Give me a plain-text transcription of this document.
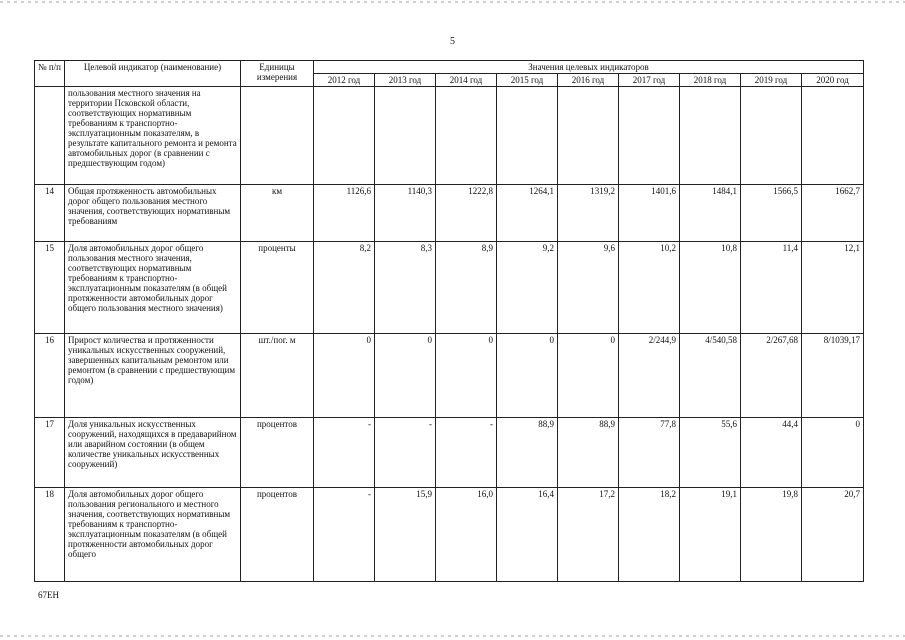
5
№ п/п	Целевой индикатор (наименование)	Единицы измерения	Значения целевых индикаторов								
			2012 год	2013 год	2014 год	2015 год	2016 год	2017 год	2018 год	2019 год	2020 год
	пользования местного значения на территории Псковской области, соответствующих нормативным требованиям к транспортно-эксплуатационным показателям, в результате капитального ремонта и ремонта автомобильных дорог (в сравнении с предшествующим годом)										
14	Общая протяженность автомобильных дорог общего пользования местного значения, соответствующих нормативным требованиям	км	1126,6	1140,3	1222,8	1264,1	1319,2	1401,6	1484,1	1566,5	1662,7
15	Доля автомобильных дорог общего пользования местного значения, соответствующих нормативным требованиям к транспортно-эксплуатационным показателям (в общей протяженности автомобильных дорог общего пользования местного значения)	проценты	8,2	8,3	8,9	9,2	9,6	10,2	10,8	11,4	12,1
16	Прирост количества и протяженности уникальных искусственных сооружений, завершенных капитальным ремонтом или ремонтом (в сравнении с предшествующим годом)	шт./пог. м	0	0	0	0	0	2/244,9	4/540,58	2/267,68	8/1039,17
17	Доля уникальных искусственных сооружений, находящихся в предаварийном или аварийном состоянии (в общем количестве уникальных искусственных сооружений)	процентов	-	-	-	88,9	88,9	77,8	55,6	44,4	0
18	Доля автомобильных дорог общего пользования регионального и местного значения, соответствующих нормативным требованиям к транспортно-эксплуатационным показателям (в общей протяженности автомобильных дорог общего	процентов	-	15,9	16,0	16,4	17,2	18,2	19,1	19,8	20,7
67ЕН
